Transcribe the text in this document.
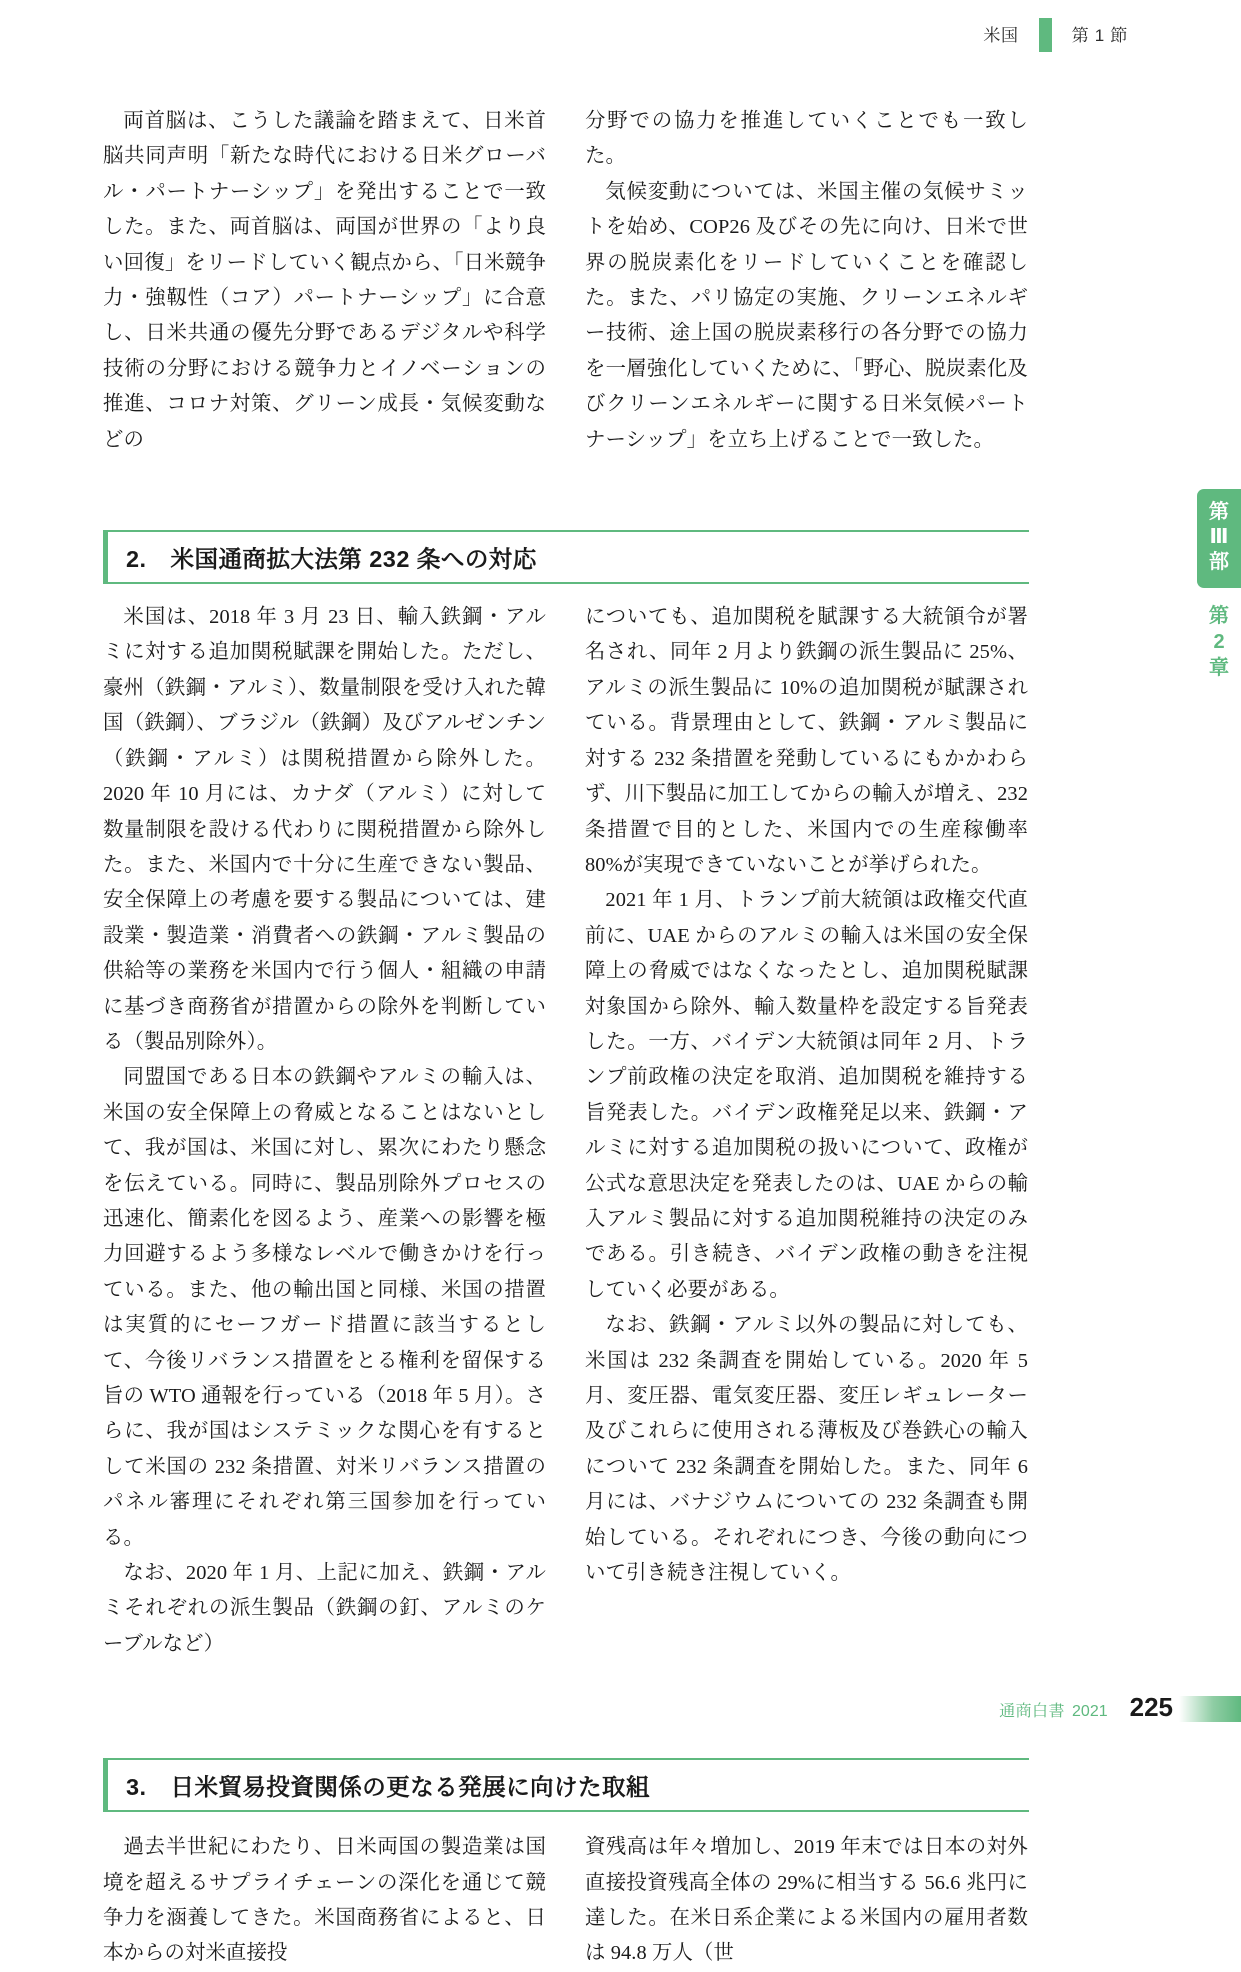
米国	第 1 節
第
Ⅲ
部
第
2
章

両首脳は、こうした議論を踏まえて、日米首脳共同声明「新たな時代における日米グローバル・パートナーシップ」を発出することで一致した。また、両首脳は、両国が世界の「より良い回復」をリードしていく観点から、「日米競争力・強靱性（コア）パートナーシップ」に合意し、日米共通の優先分野であるデジタルや科学技術の分野における競争力とイノベーションの推進、コロナ対策、グリーン成長・気候変動などの

分野での協力を推進していくことでも一致した。

気候変動については、米国主催の気候サミットを始め、COP26 及びその先に向け、日米で世界の脱炭素化をリードしていくことを確認した。また、パリ協定の実施、クリーンエネルギー技術、途上国の脱炭素移行の各分野での協力を一層強化していくために、「野心、脱炭素化及びクリーンエネルギーに関する日米気候パートナーシップ」を立ち上げることで一致した。

2.　米国通商拡大法第 232 条への対応

米国は、2018 年 3 月 23 日、輸入鉄鋼・アルミに対する追加関税賦課を開始した。ただし、豪州（鉄鋼・アルミ）、数量制限を受け入れた韓国（鉄鋼）、ブラジル（鉄鋼）及びアルゼンチン（鉄鋼・アルミ）は関税措置から除外した。2020 年 10 月には、カナダ（アルミ）に対して数量制限を設ける代わりに関税措置から除外した。また、米国内で十分に生産できない製品、安全保障上の考慮を要する製品については、建設業・製造業・消費者への鉄鋼・アルミ製品の供給等の業務を米国内で行う個人・組織の申請に基づき商務省が措置からの除外を判断している（製品別除外）。

同盟国である日本の鉄鋼やアルミの輸入は、米国の安全保障上の脅威となることはないとして、我が国は、米国に対し、累次にわたり懸念を伝えている。同時に、製品別除外プロセスの迅速化、簡素化を図るよう、産業への影響を極力回避するよう多様なレベルで働きかけを行っている。また、他の輸出国と同様、米国の措置は実質的にセーフガード措置に該当するとして、今後リバランス措置をとる権利を留保する旨の WTO 通報を行っている（2018 年 5 月）。さらに、我が国はシステミックな関心を有するとして米国の 232 条措置、対米リバランス措置のパネル審理にそれぞれ第三国参加を行っている。

なお、2020 年 1 月、上記に加え、鉄鋼・アルミそれぞれの派生製品（鉄鋼の釘、アルミのケーブルなど）

についても、追加関税を賦課する大統領令が署名され、同年 2 月より鉄鋼の派生製品に 25%、アルミの派生製品に 10%の追加関税が賦課されている。背景理由として、鉄鋼・アルミ製品に対する 232 条措置を発動しているにもかかわらず、川下製品に加工してからの輸入が増え、232 条措置で目的とした、米国内での生産稼働率80%が実現できていないことが挙げられた。

2021 年 1 月、トランプ前大統領は政権交代直前に、UAE からのアルミの輸入は米国の安全保障上の脅威ではなくなったとし、追加関税賦課対象国から除外、輸入数量枠を設定する旨発表した。一方、バイデン大統領は同年 2 月、トランプ前政権の決定を取消、追加関税を維持する旨発表した。バイデン政権発足以来、鉄鋼・アルミに対する追加関税の扱いについて、政権が公式な意思決定を発表したのは、UAE からの輸入アルミ製品に対する追加関税維持の決定のみである。引き続き、バイデン政権の動きを注視していく必要がある。

なお、鉄鋼・アルミ以外の製品に対しても、米国は 232 条調査を開始している。2020 年 5 月、変圧器、電気変圧器、変圧レギュレーター及びこれらに使用される薄板及び巻鉄心の輸入について 232 条調査を開始した。また、同年 6 月には、バナジウムについての 232 条調査も開始している。それぞれにつき、今後の動向について引き続き注視していく。

3.　日米貿易投資関係の更なる発展に向けた取組

過去半世紀にわたり、日米両国の製造業は国境を超えるサプライチェーンの深化を通じて競争力を涵養してきた。米国商務省によると、日本からの対米直接投

資残高は年々増加し、2019 年末では日本の対外直接投資残高全体の 29%に相当する 56.6 兆円に達した。在米日系企業による米国内の雇用者数は 94.8 万人（世

通商白書 2021 225
